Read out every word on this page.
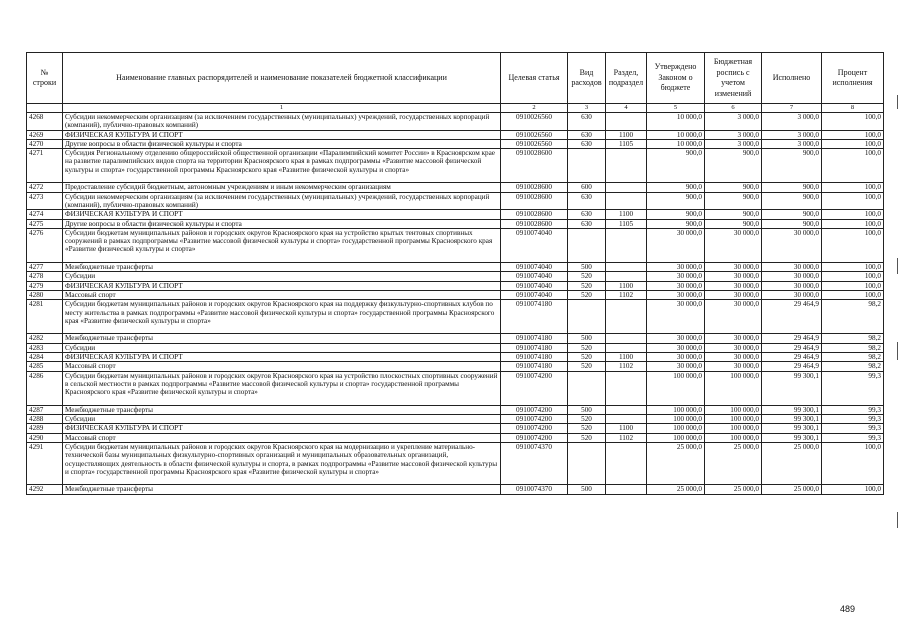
№ строки	Наименование главных распорядителей и наименование показателей бюджетной классификации	Целевая статья	Вид расходов	Раздел, подраздел	Утверждено Законом о бюджете	Бюджетная роспись с учетом изменений	Исполнено	Процент исполнения
	1	2	3	4	5	6	7	8
4268	Субсидии некоммерческим организациям (за исключением государственных (муниципальных) учреждений, государственных корпораций (компаний), публично-правовых компаний)	0910026560	630		10 000,0	3 000,0	3 000,0	100,0
4269	ФИЗИЧЕСКАЯ КУЛЬТУРА И СПОРТ	0910026560	630	1100	10 000,0	3 000,0	3 000,0	100,0
4270	Другие вопросы в области физической культуры и спорта	0910026560	630	1105	10 000,0	3 000,0	3 000,0	100,0
4271	Субсидия Региональному отделению общероссийской общественной организации «Паралимпийский комитет России» в Красноярском крае на развитие паралимпийских видов спорта на территории Красноярского края в рамках подпрограммы «Развитие массовой физической культуры и спорта» государственной программы Красноярского края «Развитие физической культуры и спорта»	0910028600			900,0	900,0	900,0	100,0
4272	Предоставление субсидий бюджетным, автономным учреждениям и иным некоммерческим организациям	0910028600	600		900,0	900,0	900,0	100,0
4273	Субсидии некоммерческим организациям (за исключением государственных (муниципальных) учреждений, государственных корпораций (компаний), публично-правовых компаний)	0910028600	630		900,0	900,0	900,0	100,0
4274	ФИЗИЧЕСКАЯ КУЛЬТУРА И СПОРТ	0910028600	630	1100	900,0	900,0	900,0	100,0
4275	Другие вопросы в области физической культуры и спорта	0910028600	630	1105	900,0	900,0	900,0	100,0
4276	Субсидии бюджетам муниципальных районов и городских округов Красноярского края на устройство крытых тентовых спортивных сооружений в рамках подпрограммы «Развитие массовой физической культуры и спорта» государственной программы Красноярского края «Развитие физической культуры и спорта»	0910074040			30 000,0	30 000,0	30 000,0	100,0
4277	Межбюджетные трансферты	0910074040	500		30 000,0	30 000,0	30 000,0	100,0
4278	Субсидии	0910074040	520		30 000,0	30 000,0	30 000,0	100,0
4279	ФИЗИЧЕСКАЯ КУЛЬТУРА И СПОРТ	0910074040	520	1100	30 000,0	30 000,0	30 000,0	100,0
4280	Массовый спорт	0910074040	520	1102	30 000,0	30 000,0	30 000,0	100,0
4281	Субсидии бюджетам муниципальных районов и городских округов Красноярского края на поддержку физкультурно-спортивных клубов по месту жительства в рамках подпрограммы «Развитие массовой физической культуры и спорта» государственной программы Красноярского края «Развитие физической культуры и спорта»	0910074180			30 000,0	30 000,0	29 464,9	98,2
4282	Межбюджетные трансферты	0910074180	500		30 000,0	30 000,0	29 464,9	98,2
4283	Субсидии	0910074180	520		30 000,0	30 000,0	29 464,9	98,2
4284	ФИЗИЧЕСКАЯ КУЛЬТУРА И СПОРТ	0910074180	520	1100	30 000,0	30 000,0	29 464,9	98,2
4285	Массовый спорт	0910074180	520	1102	30 000,0	30 000,0	29 464,9	98,2
4286	Субсидии бюджетам муниципальных районов и городских округов Красноярского края на устройство плоскостных спортивных сооружений в сельской местности в рамках подпрограммы «Развитие массовой физической культуры и спорта» государственной программы Красноярского края «Развитие физической культуры и спорта»	0910074200			100 000,0	100 000,0	99 300,1	99,3
4287	Межбюджетные трансферты	0910074200	500		100 000,0	100 000,0	99 300,1	99,3
4288	Субсидии	0910074200	520		100 000,0	100 000,0	99 300,1	99,3
4289	ФИЗИЧЕСКАЯ КУЛЬТУРА И СПОРТ	0910074200	520	1100	100 000,0	100 000,0	99 300,1	99,3
4290	Массовый спорт	0910074200	520	1102	100 000,0	100 000,0	99 300,1	99,3
4291	Субсидии бюджетам муниципальных районов и городских округов Красноярского края на модернизацию и укрепление материально-технической базы муниципальных физкультурно-спортивных организаций и муниципальных образовательных организаций, осуществляющих деятельность в области физической культуры и спорта, в рамках подпрограммы «Развитие массовой физической культуры и спорта» государственной программы Красноярского края «Развитие физической культуры и спорта»	0910074370			25 000,0	25 000,0	25 000,0	100,0
4292	Межбюджетные трансферты	0910074370	500		25 000,0	25 000,0	25 000,0	100,0
489
